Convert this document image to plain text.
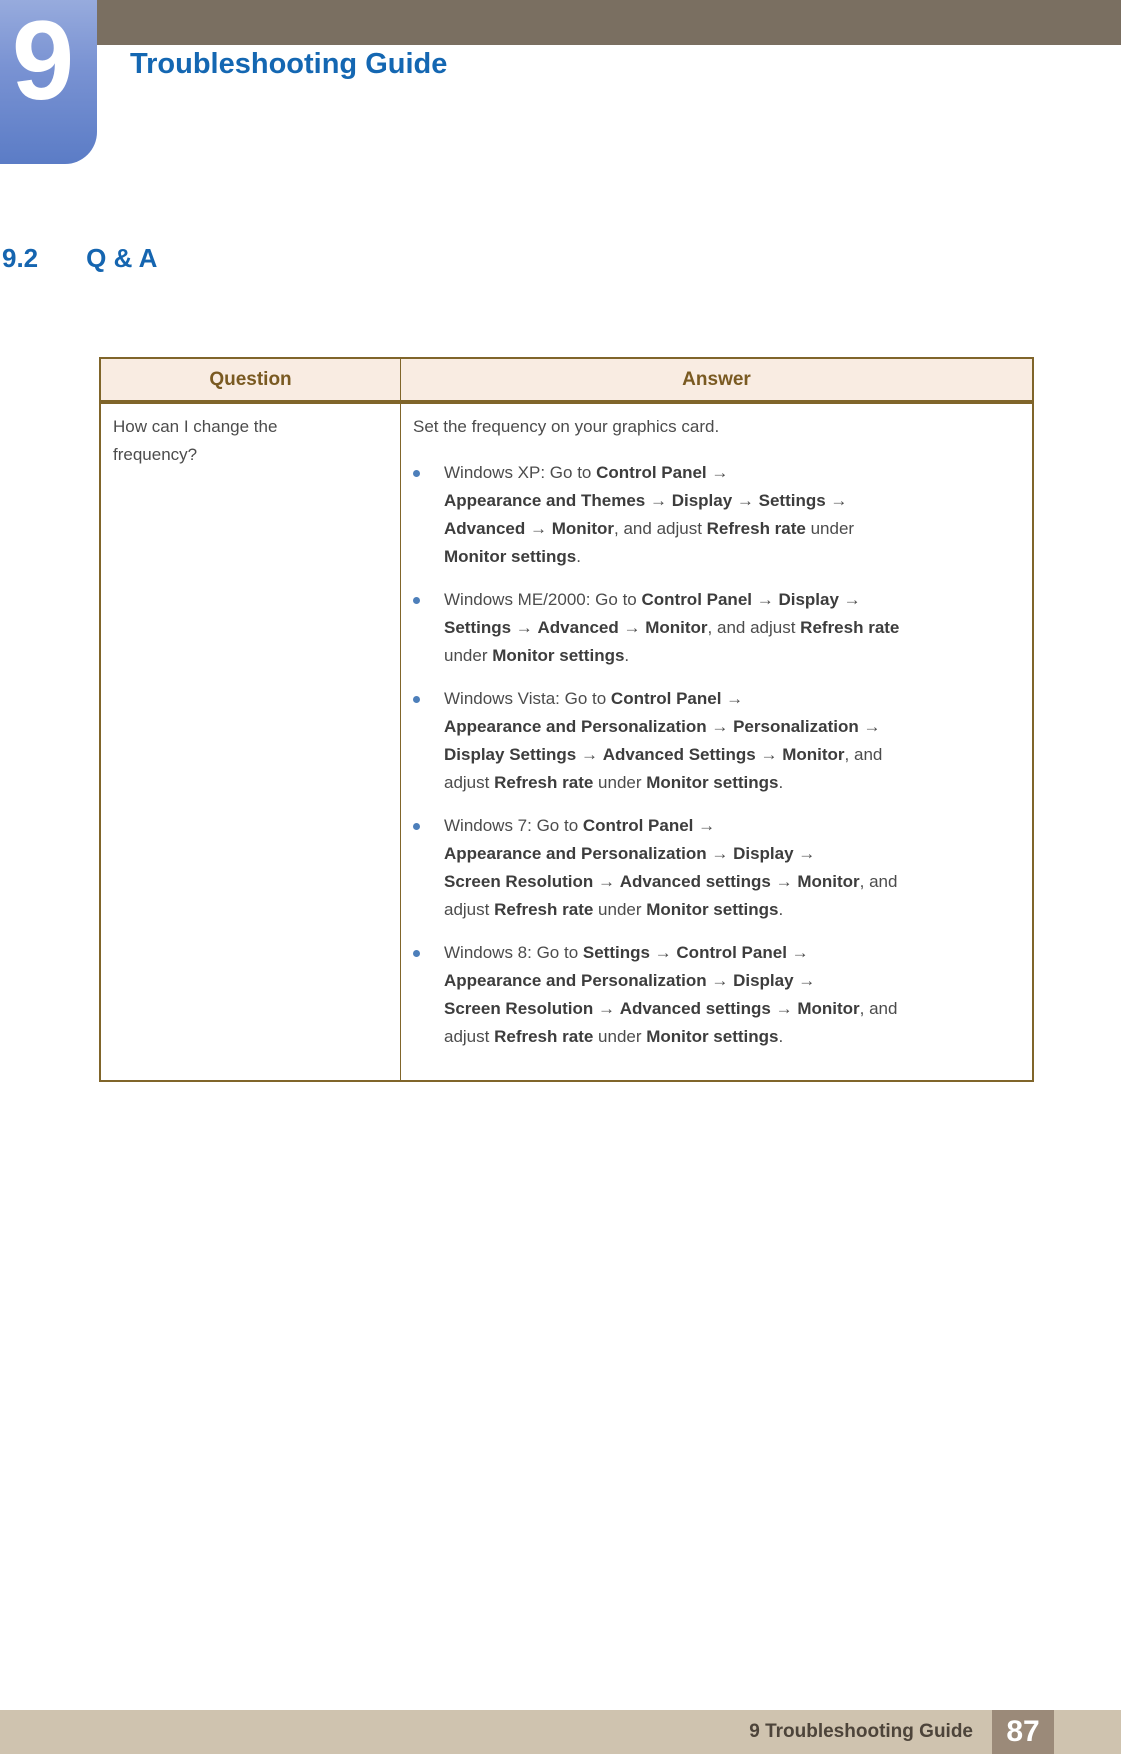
9	Troubleshooting Guide
9.2 Q & A
Question	Answer
How can I change the
frequency?

Set the frequency on your graphics card.

Windows XP: Go to Control Panel →
Appearance and Themes → Display → Settings →
Advanced → Monitor, and adjust Refresh rate under
Monitor settings.
Windows ME/2000: Go to Control Panel → Display →
Settings → Advanced → Monitor, and adjust Refresh rate
under Monitor settings.
Windows Vista: Go to Control Panel →
Appearance and Personalization → Personalization →
Display Settings → Advanced Settings → Monitor, and
adjust Refresh rate under Monitor settings.
Windows 7: Go to Control Panel →
Appearance and Personalization → Display →
Screen Resolution → Advanced settings → Monitor, and
adjust Refresh rate under Monitor settings.
Windows 8: Go to Settings → Control Panel →
Appearance and Personalization → Display →
Screen Resolution → Advanced settings → Monitor, and
adjust Refresh rate under Monitor settings.
9 Troubleshooting Guide 87
